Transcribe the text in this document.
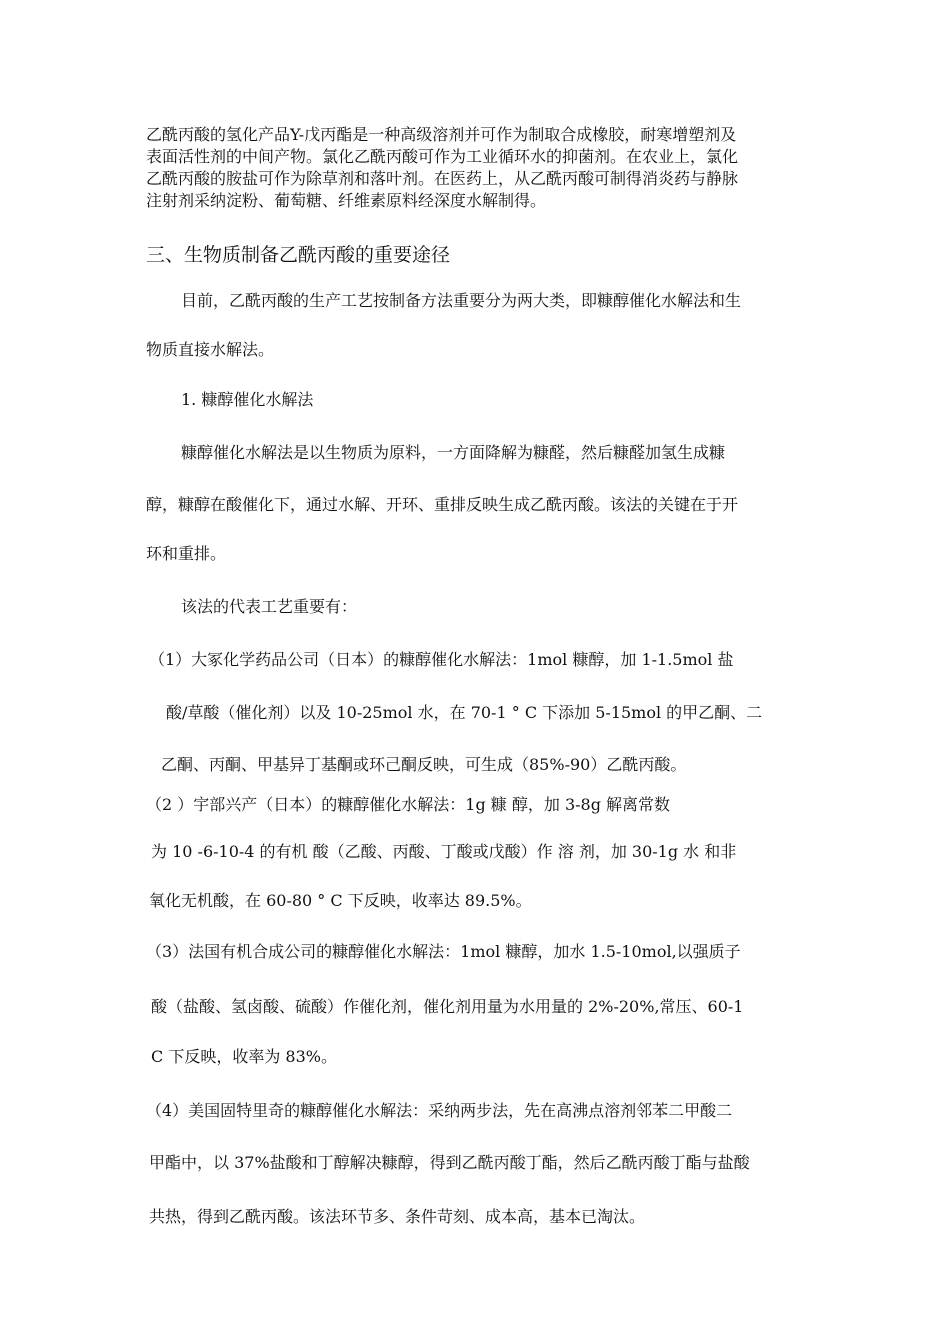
乙酰丙酸的氢化产品Y-戊丙酯是一种高级溶剂并可作为制取合成橡胶，耐寒增塑剂及
表面活性剂的中间产物。氯化乙酰丙酸可作为工业循环水的抑菌剂。在农业上，氯化
乙酰丙酸的胺盐可作为除草剂和落叶剂。在医药上，从乙酰丙酸可制得消炎药与静脉
注射剂采纳淀粉、葡萄糖、纤维素原料经深度水解制得。
三、生物质制备乙酰丙酸的重要途径
目前，乙酰丙酸的生产工艺按制备方法重要分为两大类，即糠醇催化水解法和生
物质直接水解法。
1. 糠醇催化水解法
糠醇催化水解法是以生物质为原料，一方面降解为糠醛，然后糠醛加氢生成糠
醇，糠醇在酸催化下，通过水解、开环、重排反映生成乙酰丙酸。该法的关键在于开
环和重排。
该法的代表工艺重要有：
（1）大冢化学药品公司（日本）的糠醇催化水解法：1mol 糠醇，加 1-1.5mol 盐
酸/草酸（催化剂）以及 10-25mol 水，在 70-1 ° C 下添加 5-15mol 的甲乙酮、二
乙酮、丙酮、甲基异丁基酮或环己酮反映，可生成（85%-90）乙酰丙酸。
（2 ）宇部兴产（日本）的糠醇催化水解法：1g 糠 醇，加 3-8g 解离常数
为 10 -6-10-4 的有机 酸（乙酸、丙酸、丁酸或戊酸）作 溶 剂，加 30-1g 水 和非
氧化无机酸，在 60-80 ° C 下反映，收率达 89.5%。
（3）法国有机合成公司的糠醇催化水解法：1mol 糠醇，加水 1.5-10mol,以强质子
酸（盐酸、氢卤酸、硫酸）作催化剂，催化剂用量为水用量的 2%-20%,常压、60-1
C 下反映，收率为 83%。
（4）美国固特里奇的糠醇催化水解法：采纳两步法，先在高沸点溶剂邻苯二甲酸二
甲酯中，以 37%盐酸和丁醇解决糠醇，得到乙酰丙酸丁酯，然后乙酰丙酸丁酯与盐酸
共热，得到乙酰丙酸。该法环节多、条件苛刻、成本高，基本已淘汰。
